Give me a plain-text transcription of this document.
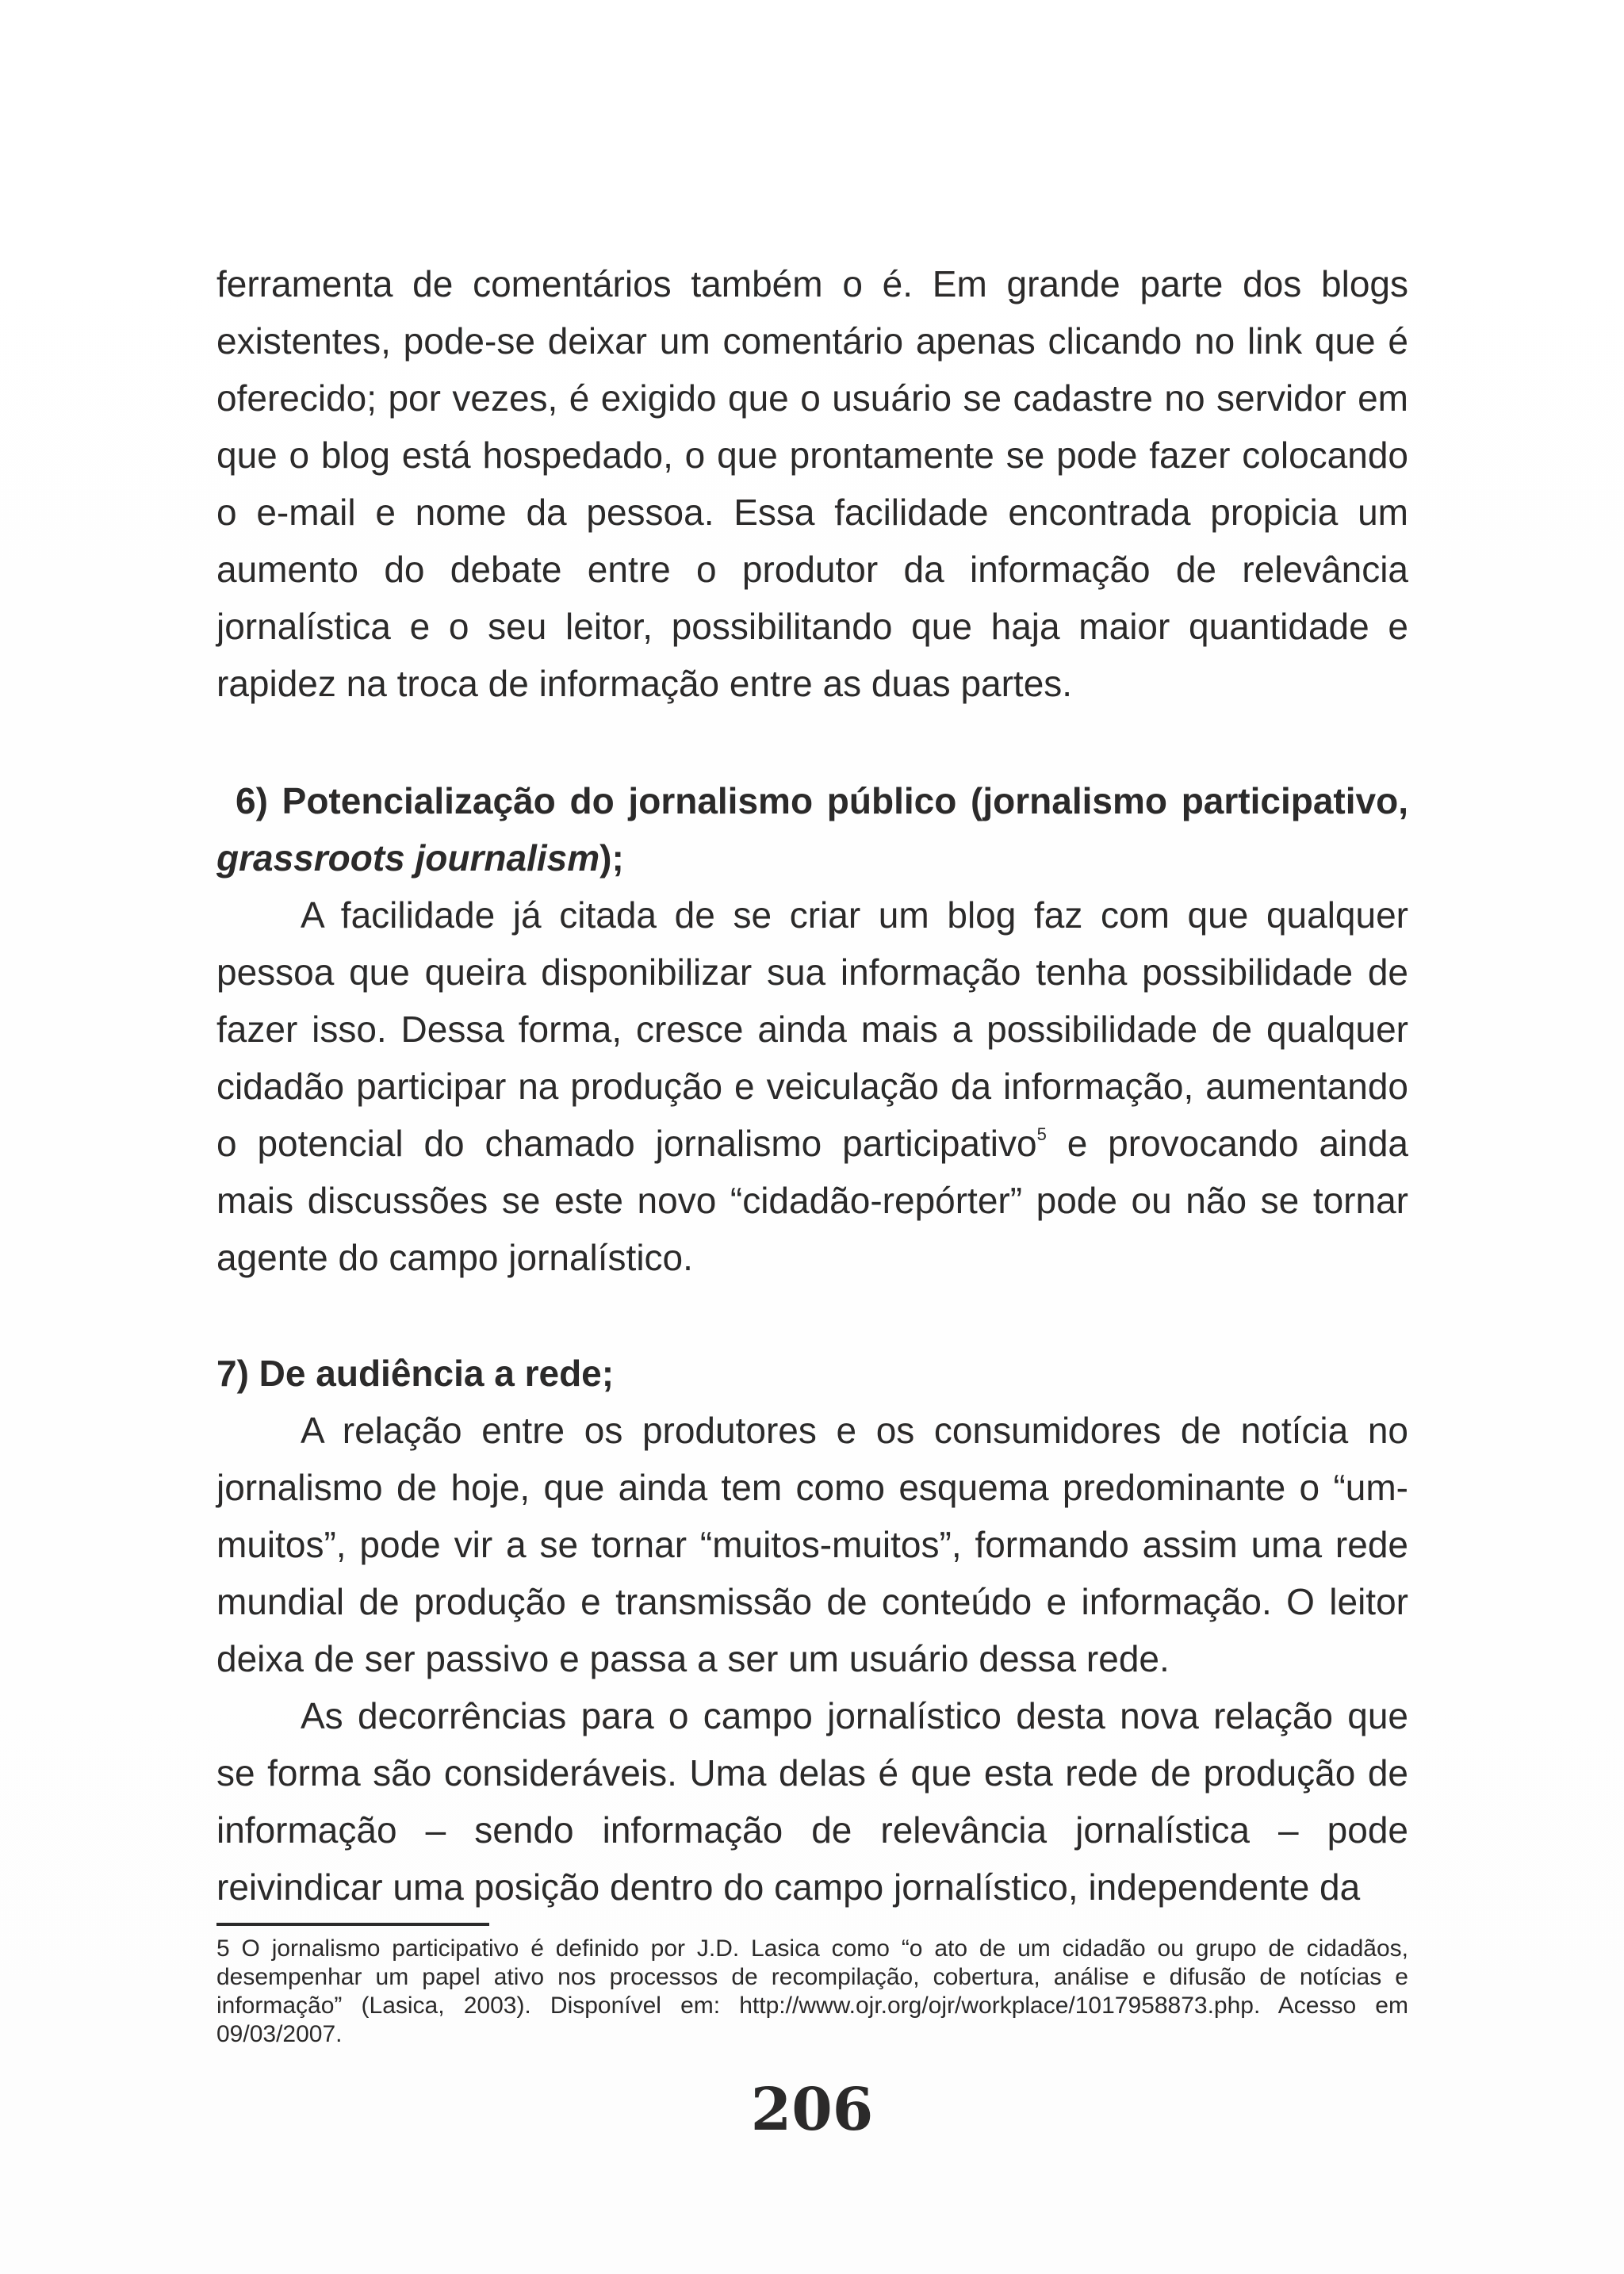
ferramenta de comentários também o é. Em grande parte dos blogs existentes, pode-se deixar um comentário apenas clicando no link que é oferecido; por vezes, é exigido que o usuário se cadastre no servidor em que o blog está hospedado, o que prontamente se pode fazer colocando o e-mail e nome da pessoa. Essa facilidade encontrada propicia um aumento do debate entre o produtor da informação de relevância jornalística e o seu leitor, possibilitando que haja maior quantidade e rapidez na troca de informação entre as duas partes.

6) Potencialização do jornalismo público (jornalismo participativo, grassroots journalism);

A facilidade já citada de se criar um blog faz com que qualquer pessoa que queira disponibilizar sua informação tenha possibilidade de fazer isso. Dessa forma, cresce ainda mais a possibilidade de qualquer cidadão participar na produção e veiculação da informação, aumentando o potencial do chamado jornalismo participativo$^5$ e provocando ainda mais discussões se este novo “cidadão-repórter” pode ou não se tornar agente do campo jornalístico.

7) De audiência a rede;

A relação entre os produtores e os consumidores de notícia no jornalismo de hoje, que ainda tem como esquema predominante o “um-muitos”, pode vir a se tornar “muitos-muitos”, formando assim uma rede mundial de produção e transmissão de conteúdo e informação. O leitor deixa de ser passivo e passa a ser um usuário dessa rede.

As decorrências para o campo jornalístico desta nova relação que se forma são consideráveis. Uma delas é que esta rede de produção de informação – sendo informação de relevância jornalística – pode reivindicar uma posição dentro do campo jornalístico, independente da

5 O jornalismo participativo é definido por J.D. Lasica como “o ato de um cidadão ou grupo de cidadãos, desempenhar um papel ativo nos processos de recompilação, cobertura, análise e difusão de notícias e informação” (Lasica, 2003). Disponível em: http://www.ojr.org/ojr/workplace/1017958873.php. Acesso em 09/03/2007.

206
